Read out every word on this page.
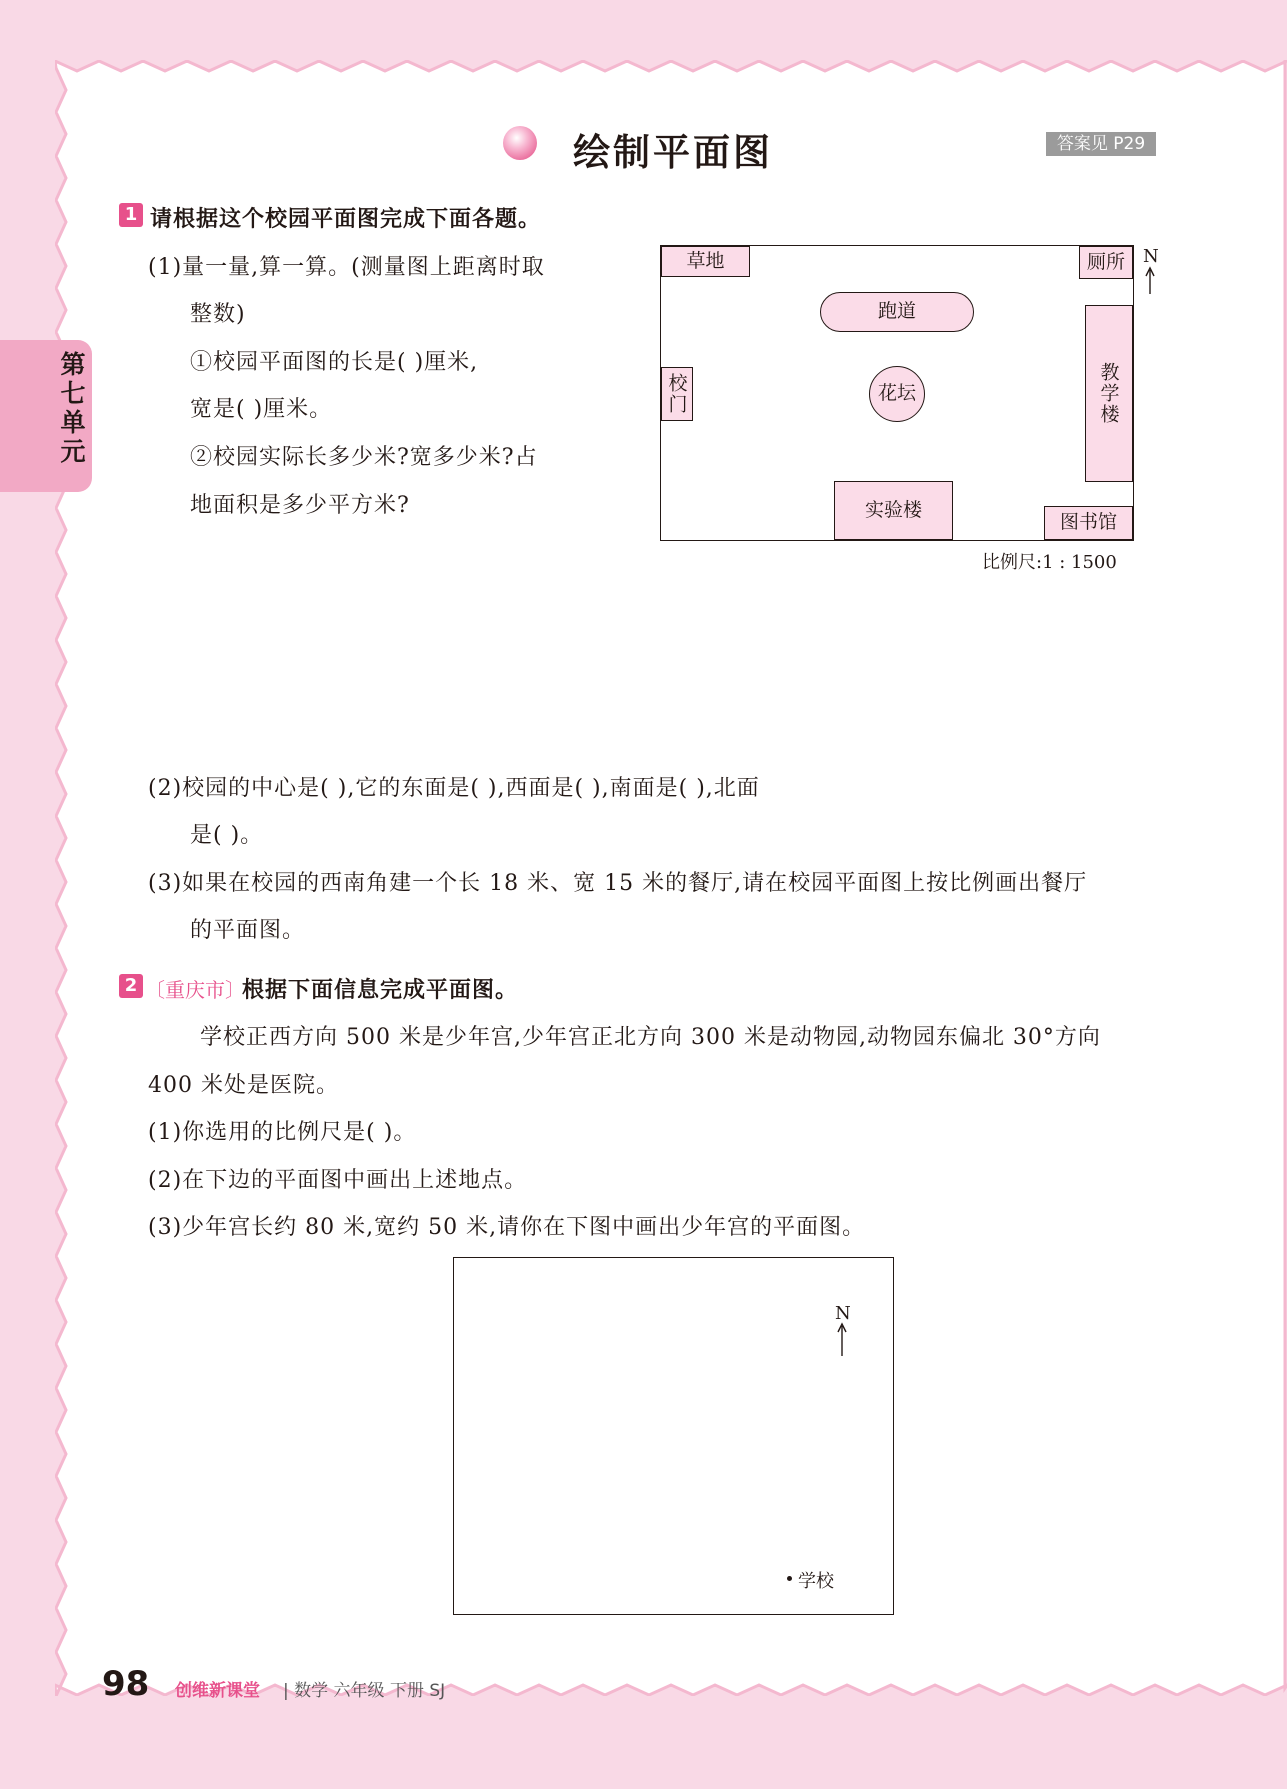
第七单元
绘制平面图	答案见 P29
1 请根据这个校园平面图完成下面各题。
(1)量一量,算一算。(测量图上距离时取
整数)
①校园平面图的长是( )厘米,
宽是( )厘米。
②校园实际长多少米?宽多少米?占
地面积是多少平方米?
草地	厕所
跑道
校门	花坛	教学楼
实验楼
图书馆
N
比例尺:1 : 1500
(2)校园的中心是( ),它的东面是( ),西面是( ),南面是( ),北面
是( )。
(3)如果在校园的西南角建一个长 18 米、宽 15 米的餐厅,请在校园平面图上按比例画出餐厅
的平面图。
2 〔重庆市〕
根据下面信息完成平面图。
学校正西方向 500 米是少年宫,少年宫正北方向 300 米是动物园,动物园东偏北 30°方向
400 米处是医院。
(1)你选用的比例尺是( )。
(2)在下边的平面图中画出上述地点。
(3)少年宫长约 80 米,宽约 50 米,请你在下图中画出少年宫的平面图。
N
学校
98 创维新课堂 | 数学 六年级 下册 SJ
